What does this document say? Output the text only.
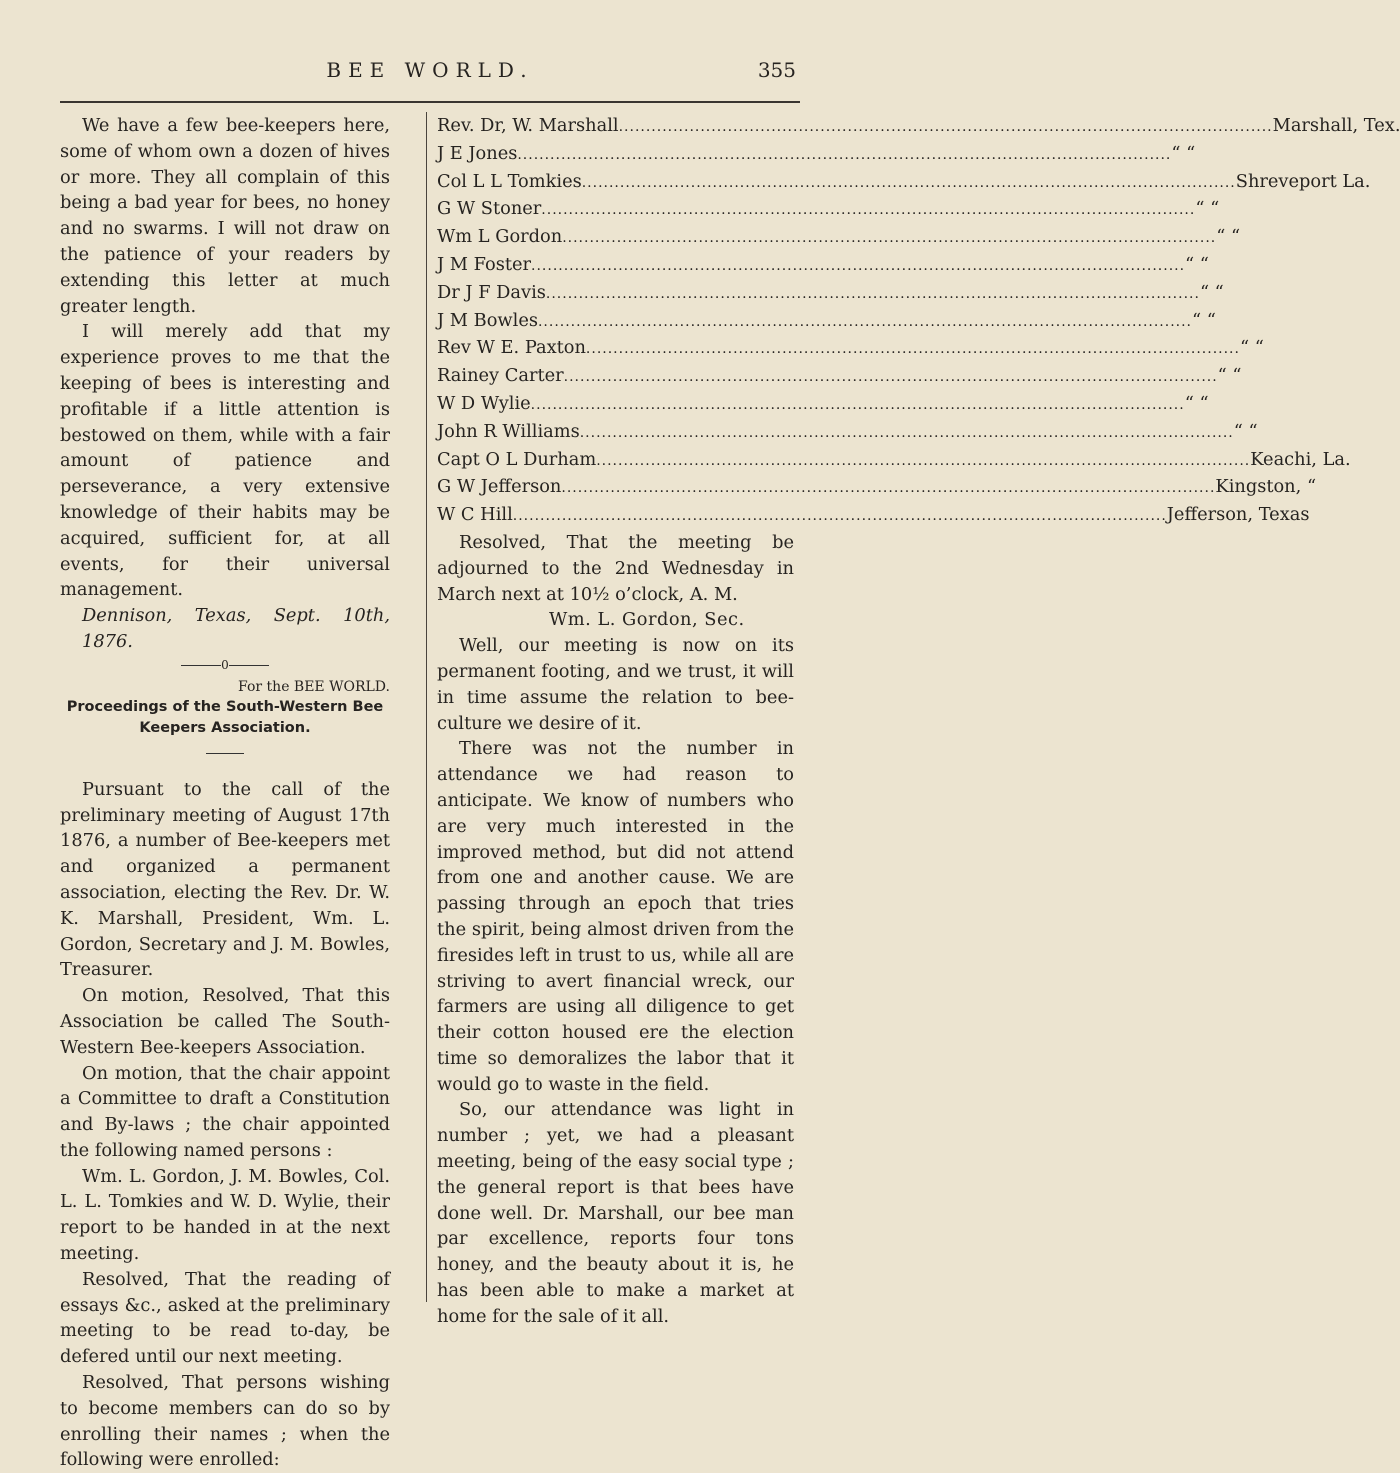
BEE WORLD.	355

We have a few bee-keepers here, some of whom own a dozen of hives or more. They all complain of this being a bad year for bees, no honey and no swarms. I will not draw on the patience of your readers by extending this letter at much greater length.

I will merely add that my experience proves to me that the keeping of bees is interesting and profitable if a little attention is bestowed on them, while with a fair amount of patience and perseverance, a very extensive knowledge of their habits may be acquired, sufficient for, at all events, for their universal management.

Dennison, Texas, Sept. 10th, 1876.

0
For the BEE WORLD.
Proceedings of the South-Western Bee Keepers Association.

Pursuant to the call of the preliminary meeting of August 17th 1876, a number of Bee-keepers met and organized a permanent association, electing the Rev. Dr. W. K. Marshall, President, Wm. L. Gordon, Secretary and J. M. Bowles, Treasurer.

On motion, Resolved, That this Association be called The South-Western Bee-keepers Association.

On motion, that the chair appoint a Committee to draft a Constitution and By-laws ; the chair appointed the following named persons :

Wm. L. Gordon, J. M. Bowles, Col. L. L. Tomkies and W. D. Wylie, their report to be handed in at the next meeting.

Resolved, That the reading of essays &c., asked at the preliminary meeting to be read to-day, be defered until our next meeting.

Resolved, That persons wishing to become members can do so by enrolling their names ; when the following were enrolled:

Rev. Dr, W. Marshall ........................................................................................................................ Marshall, Tex.
J E Jones ........................................................................................................................ “ “
Col L L Tomkies ........................................................................................................................ Shreveport La.
G W Stoner ........................................................................................................................ “ “
Wm L Gordon ........................................................................................................................ “ “
J M Foster ........................................................................................................................ “ “
Dr J F Davis ........................................................................................................................ “ “
J M Bowles ........................................................................................................................ “ “
Rev W E. Paxton ........................................................................................................................ “ “
Rainey Carter ........................................................................................................................ “ “
W D Wylie ........................................................................................................................ “ “
John R Williams ........................................................................................................................ “ “
Capt O L Durham ........................................................................................................................ Keachi, La.
G W Jefferson ........................................................................................................................ Kingston, “
W C Hill ........................................................................................................................ Jefferson, Texas

Resolved, That the meeting be adjourned to the 2nd Wednesday in March next at 10½ o’clock, A. M.

Wm. L. Gordon, Sec.

Well, our meeting is now on its permanent footing, and we trust, it will in time assume the relation to bee-culture we desire of it.

There was not the number in attendance we had reason to anticipate. We know of numbers who are very much interested in the improved method, but did not attend from one and another cause. We are passing through an epoch that tries the spirit, being almost driven from the firesides left in trust to us, while all are striving to avert financial wreck, our farmers are using all diligence to get their cotton housed ere the election time so demoralizes the labor that it would go to waste in the field.

So, our attendance was light in number ; yet, we had a pleasant meeting, being of the easy social type ; the general report is that bees have done well. Dr. Marshall, our bee man par excellence, reports four tons honey, and the beauty about it is, he has been able to make a market at home for the sale of it all.
